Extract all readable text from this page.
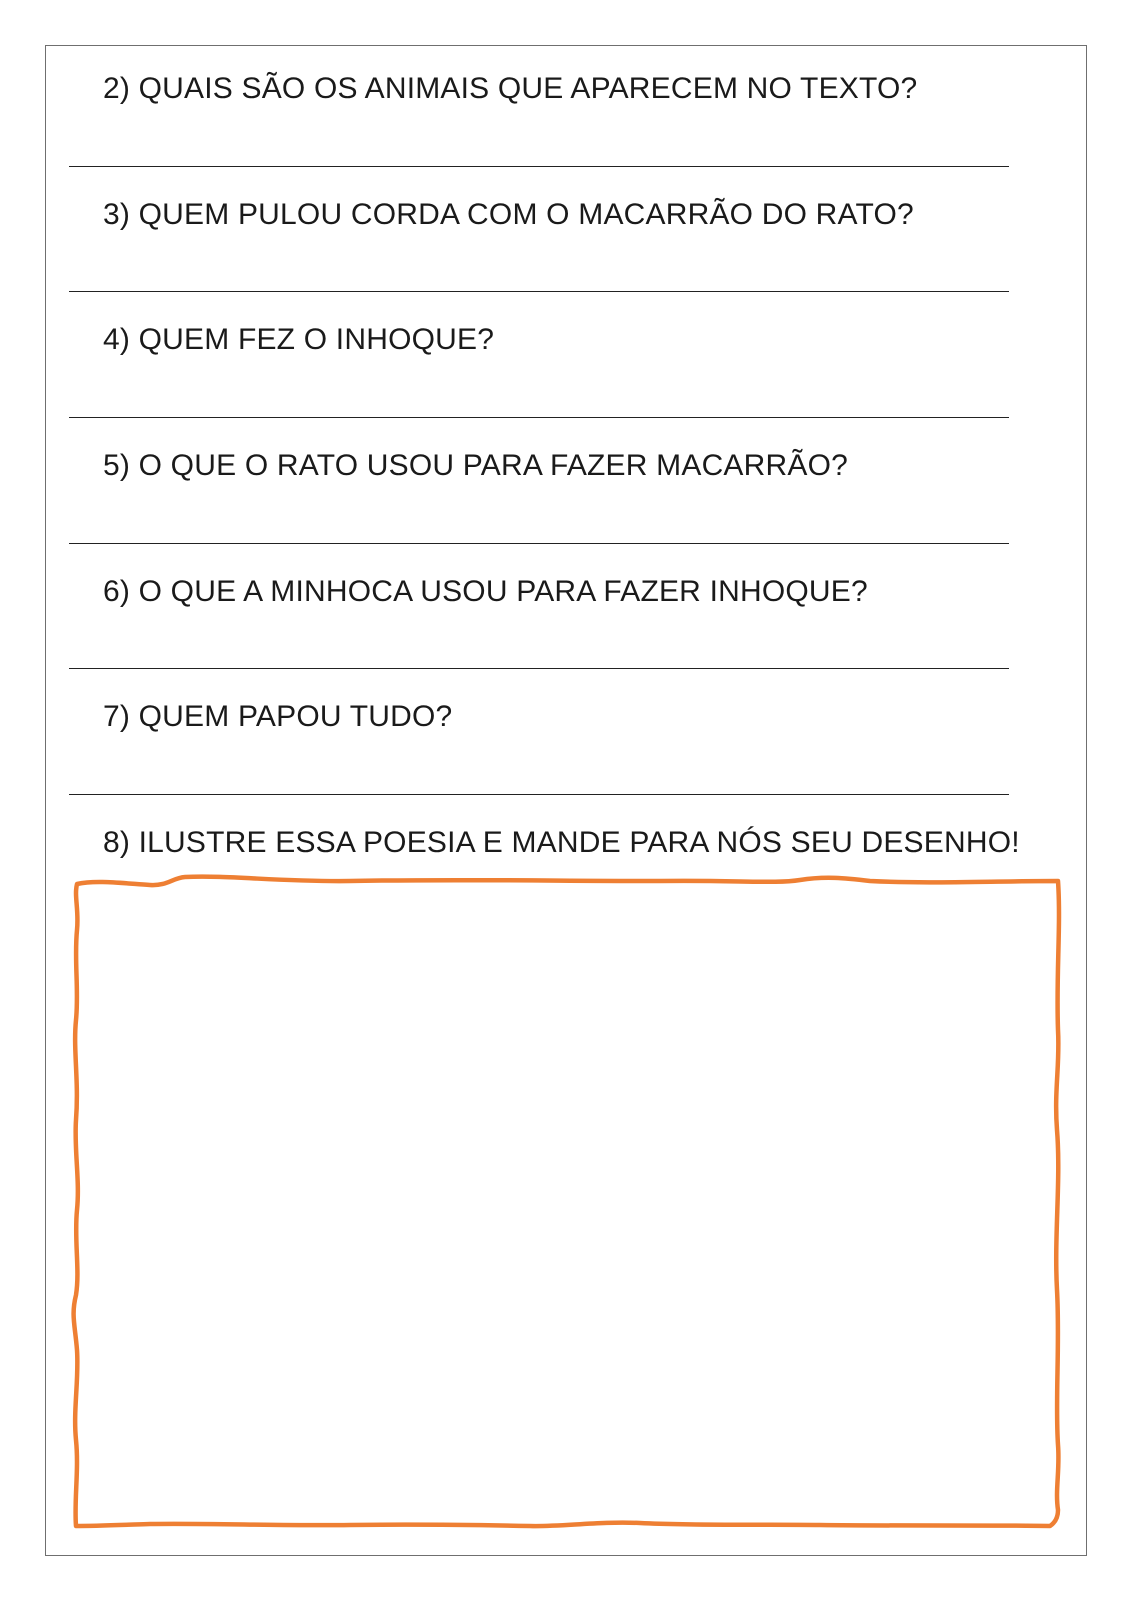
2) QUAIS SÃO OS ANIMAIS QUE APARECEM NO TEXTO?
3) QUEM PULOU CORDA COM O MACARRÃO DO RATO?
4) QUEM FEZ O INHOQUE?
5) O QUE O RATO USOU PARA FAZER MACARRÃO?
6) O QUE A MINHOCA USOU PARA FAZER INHOQUE?
7) QUEM PAPOU TUDO?
8) ILUSTRE ESSA POESIA E MANDE PARA NÓS SEU DESENHO!
